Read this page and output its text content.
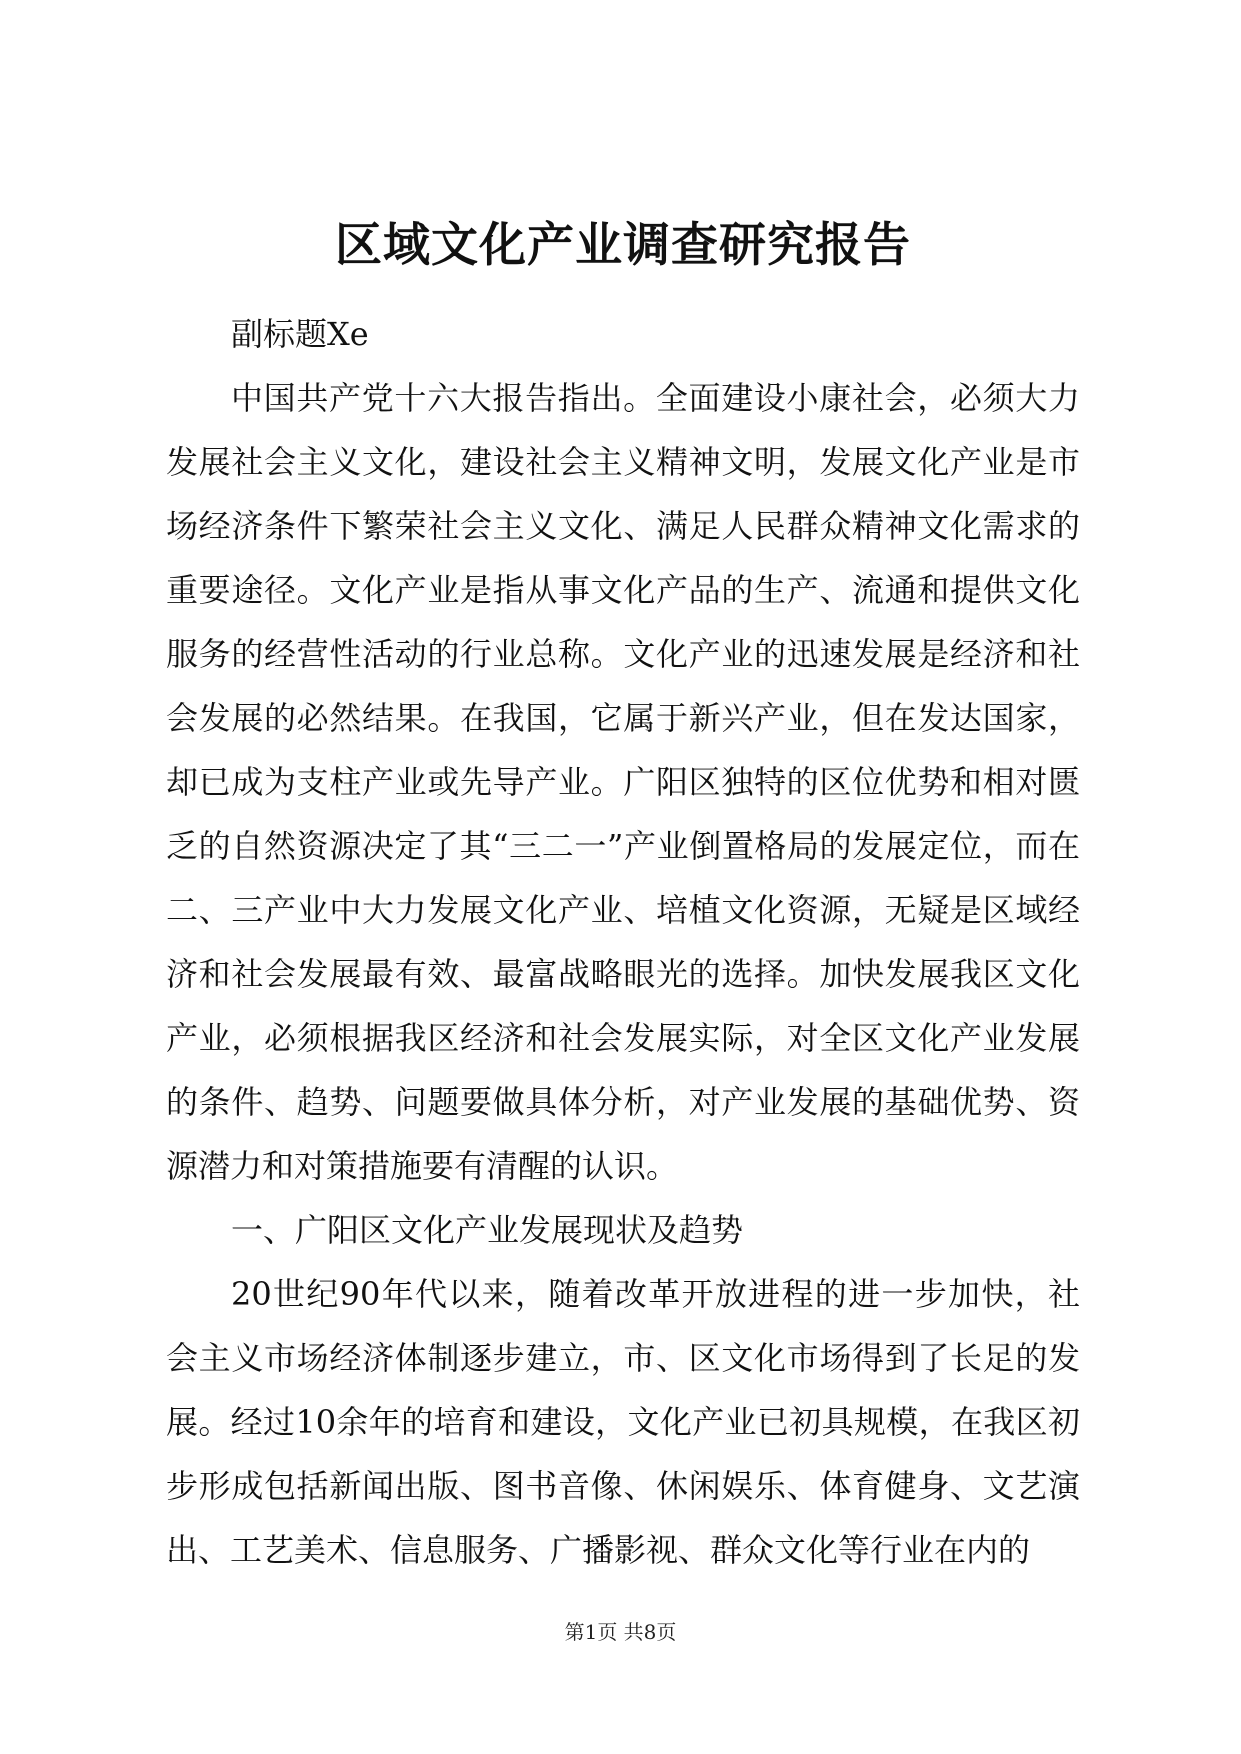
区域文化产业调查研究报告

副标题Xe

中国共产党十六大报告指出。全面建设小康社会，必须大力发展社会主义文化，建设社会主义精神文明，发展文化产业是市场经济条件下繁荣社会主义文化、满足人民群众精神文化需求的重要途径。文化产业是指从事文化产品的生产、流通和提供文化服务的经营性活动的行业总称。文化产业的迅速发展是经济和社会发展的必然结果。在我国，它属于新兴产业，但在发达国家，却已成为支柱产业或先导产业。广阳区独特的区位优势和相对匮乏的自然资源决定了其“三二一”产业倒置格局的发展定位，而在二、三产业中大力发展文化产业、培植文化资源，无疑是区域经济和社会发展最有效、最富战略眼光的选择。加快发展我区文化产业，必须根据我区经济和社会发展实际，对全区文化产业发展的条件、趋势、问题要做具体分析，对产业发展的基础优势、资源潜力和对策措施要有清醒的认识。

一、广阳区文化产业发展现状及趋势

20世纪90年代以来，随着改革开放进程的进一步加快，社会主义市场经济体制逐步建立，市、区文化市场得到了长足的发展。经过10余年的培育和建设，文化产业已初具规模，在我区初步形成包括新闻出版、图书音像、休闲娱乐、体育健身、文艺演出、工艺美术、信息服务、广播影视、群众文化等行业在内的

第1页 共8页
